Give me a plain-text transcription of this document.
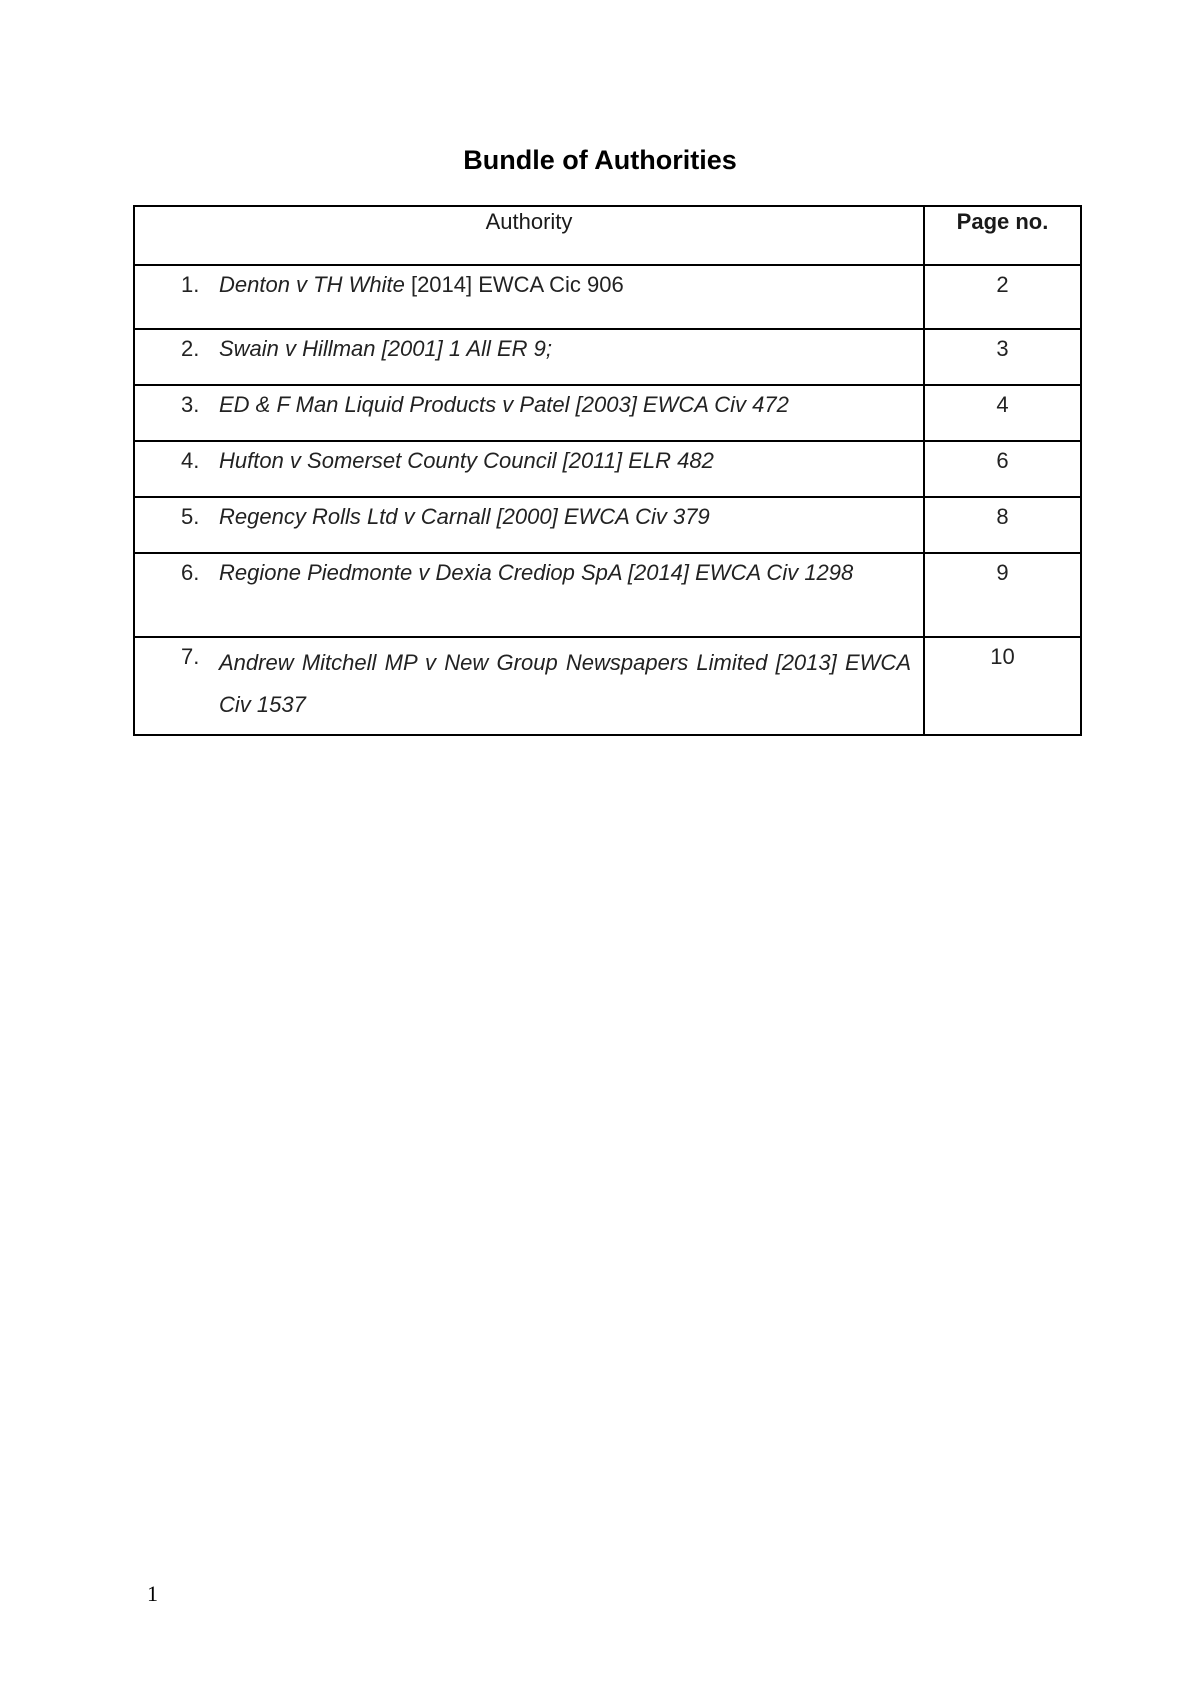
Bundle of Authorities
Authority	Page no.

1. Denton v TH White [2014] EWCA Cic 906	2

2. Swain v Hillman [2001] 1 All ER 9;	3

3. ED & F Man Liquid Products v Patel [2003] EWCA Civ 472	4

4. Hufton v Somerset County Council [2011] ELR 482	6

5. Regency Rolls Ltd v Carnall [2000] EWCA Civ 379	8

6. Regione Piedmonte v Dexia Crediop SpA [2014] EWCA Civ 1298	9

7. Andrew Mitchell MP v New Group Newspapers Limited [2013] EWCA Civ 1537	10
1
